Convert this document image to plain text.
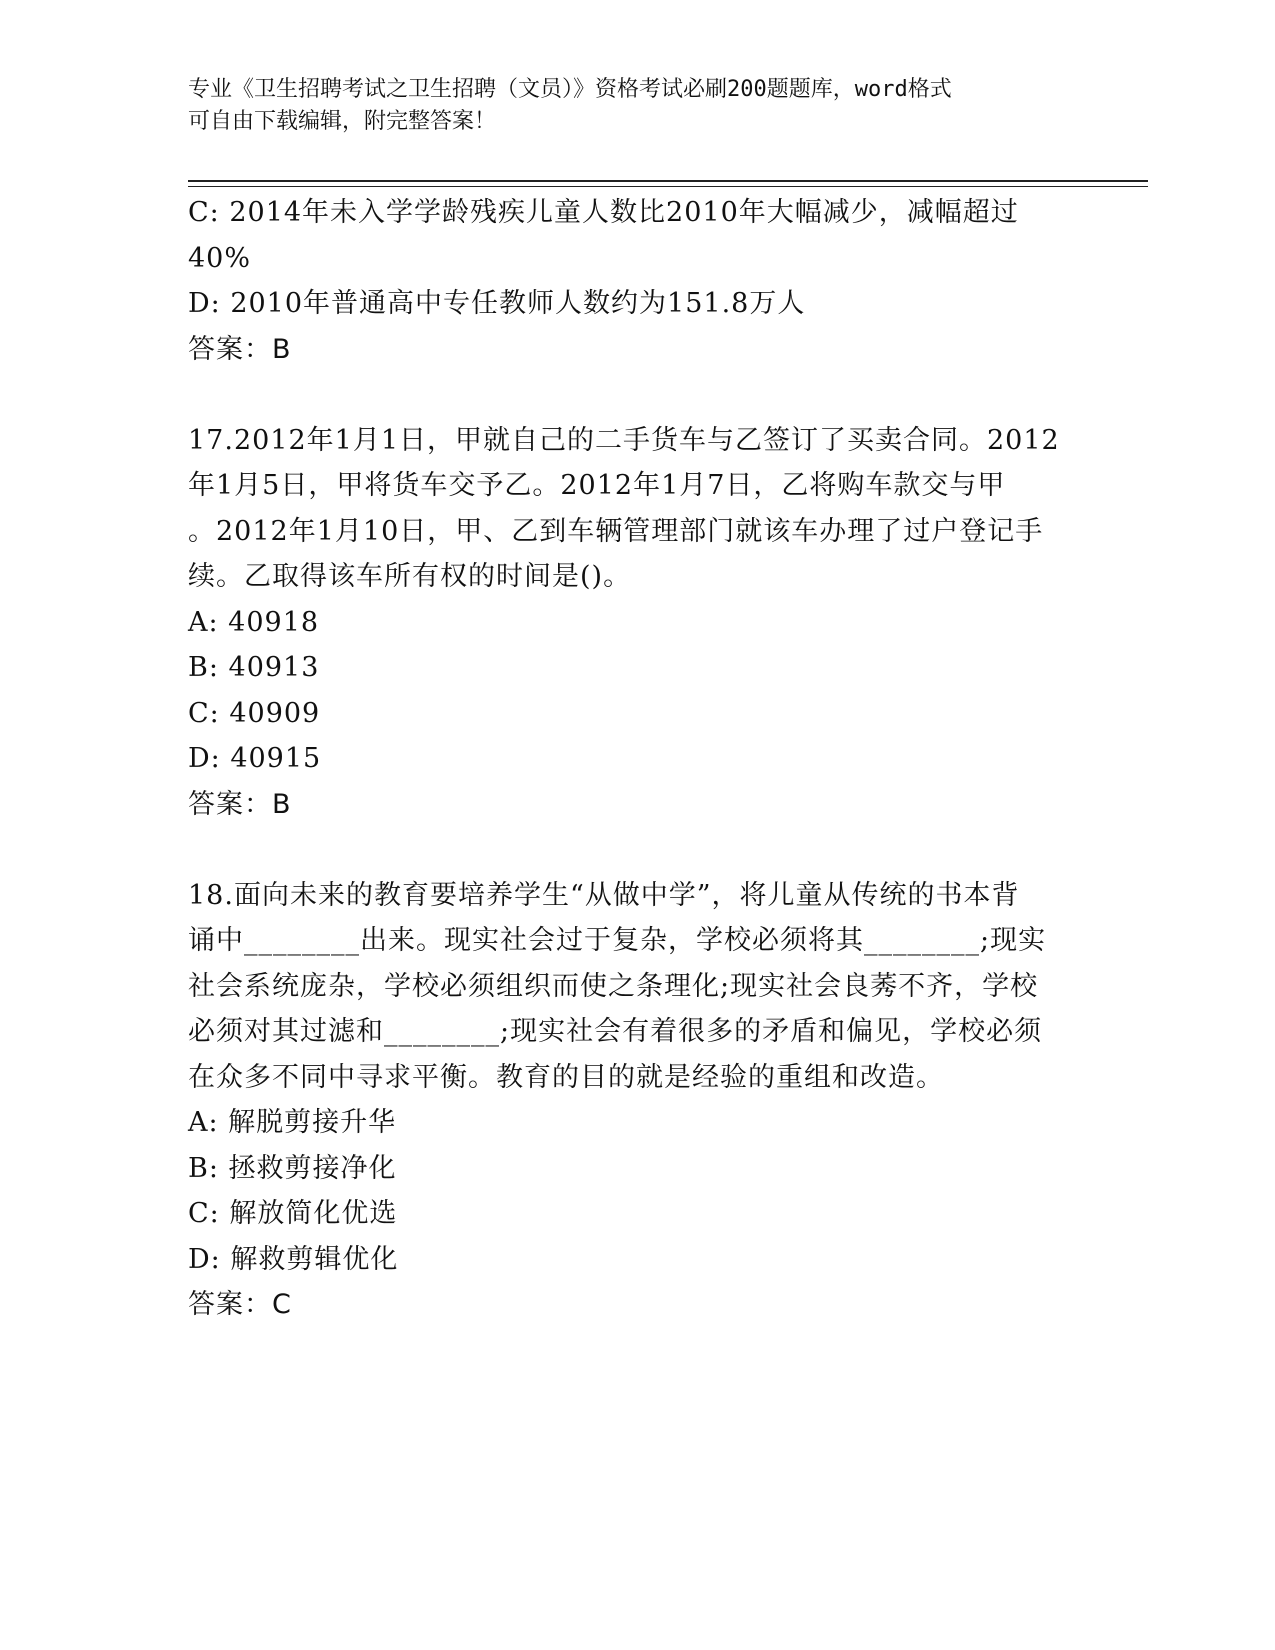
专业《卫生招聘考试之卫生招聘（文员）》资格考试必刷200题题库，word格式
可自由下载编辑，附完整答案！
C: 2014年未入学学龄残疾儿童人数比2010年大幅减少，减幅超过
40%
D: 2010年普通高中专任教师人数约为151.8万人
答案：B
17.2012年1月1日，甲就自己的二手货车与乙签订了买卖合同。2012
年1月5日，甲将货车交予乙。2012年1月7日，乙将购车款交与甲
。2012年1月10日，甲、乙到车辆管理部门就该车办理了过户登记手
续。乙取得该车所有权的时间是()。
A: 40918
B: 40913
C: 40909
D: 40915
答案：B
18.面向未来的教育要培养学生“从做中学”，将儿童从传统的书本背
诵中________出来。现实社会过于复杂，学校必须将其________;现实
社会系统庞杂，学校必须组织而使之条理化;现实社会良莠不齐，学校
必须对其过滤和________;现实社会有着很多的矛盾和偏见，学校必须
在众多不同中寻求平衡。教育的目的就是经验的重组和改造。
A: 解脱剪接升华
B: 拯救剪接净化
C: 解放简化优选
D: 解救剪辑优化
答案：C
